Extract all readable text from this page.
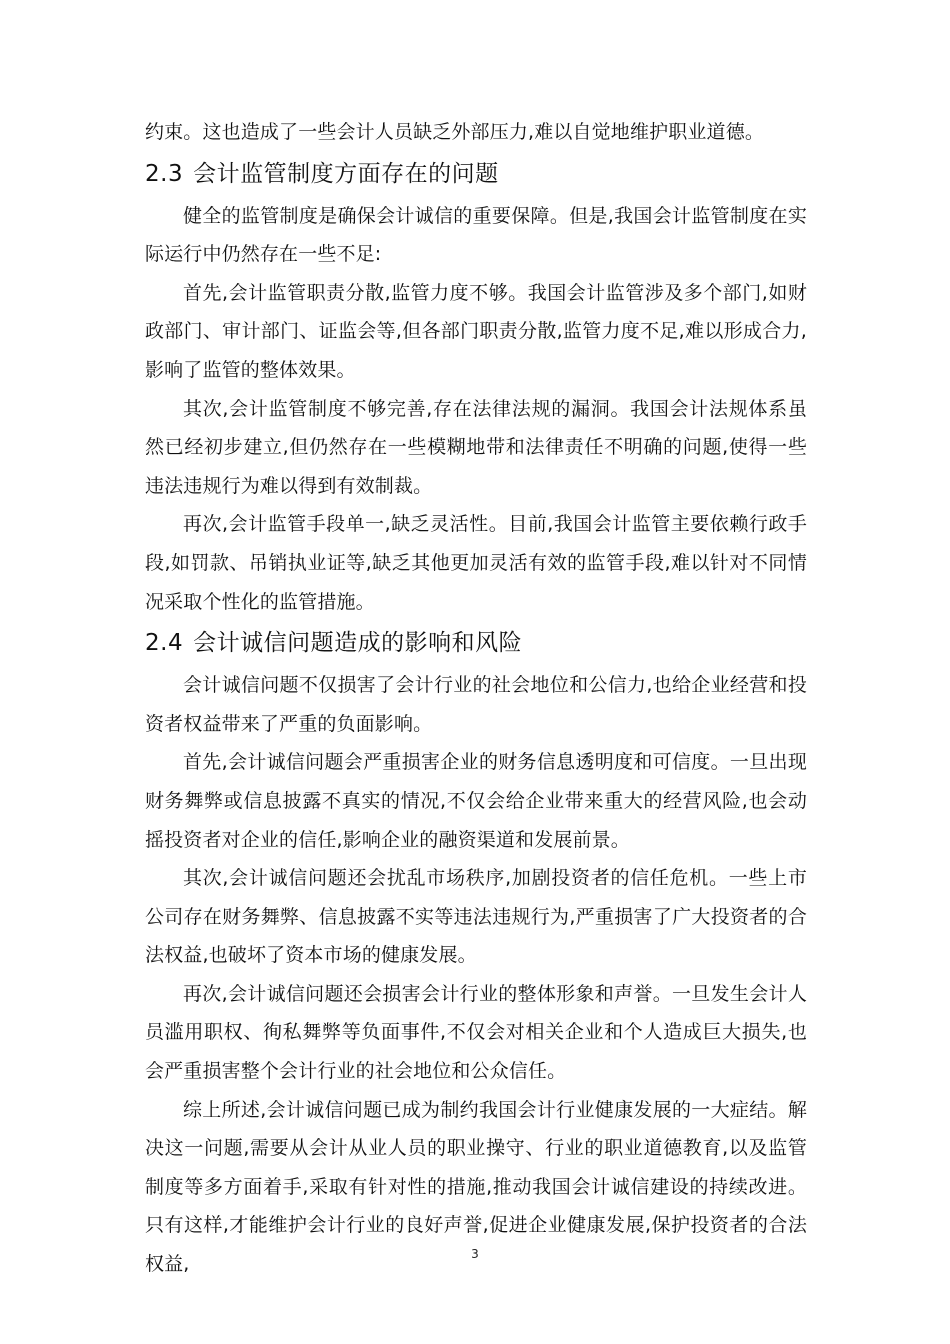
约束。这也造成了一些会计人员缺乏外部压力,难以自觉地维护职业道德。

2.3 会计监管制度方面存在的问题

健全的监管制度是确保会计诚信的重要保障。但是,我国会计监管制度在实际运行中仍然存在一些不足:

首先,会计监管职责分散,监管力度不够。我国会计监管涉及多个部门,如财政部门、审计部门、证监会等,但各部门职责分散,监管力度不足,难以形成合力,影响了监管的整体效果。

其次,会计监管制度不够完善,存在法律法规的漏洞。我国会计法规体系虽然已经初步建立,但仍然存在一些模糊地带和法律责任不明确的问题,使得一些违法违规行为难以得到有效制裁。

再次,会计监管手段单一,缺乏灵活性。目前,我国会计监管主要依赖行政手段,如罚款、吊销执业证等,缺乏其他更加灵活有效的监管手段,难以针对不同情况采取个性化的监管措施。

2.4 会计诚信问题造成的影响和风险

会计诚信问题不仅损害了会计行业的社会地位和公信力,也给企业经营和投资者权益带来了严重的负面影响。

首先,会计诚信问题会严重损害企业的财务信息透明度和可信度。一旦出现财务舞弊或信息披露不真实的情况,不仅会给企业带来重大的经营风险,也会动摇投资者对企业的信任,影响企业的融资渠道和发展前景。

其次,会计诚信问题还会扰乱市场秩序,加剧投资者的信任危机。一些上市公司存在财务舞弊、信息披露不实等违法违规行为,严重损害了广大投资者的合法权益,也破坏了资本市场的健康发展。

再次,会计诚信问题还会损害会计行业的整体形象和声誉。一旦发生会计人员滥用职权、徇私舞弊等负面事件,不仅会对相关企业和个人造成巨大损失,也会严重损害整个会计行业的社会地位和公众信任。

综上所述,会计诚信问题已成为制约我国会计行业健康发展的一大症结。解决这一问题,需要从会计从业人员的职业操守、行业的职业道德教育,以及监管制度等多方面着手,采取有针对性的措施,推动我国会计诚信建设的持续改进。只有这样,才能维护会计行业的良好声誉,促进企业健康发展,保护投资者的合法权益,	3
